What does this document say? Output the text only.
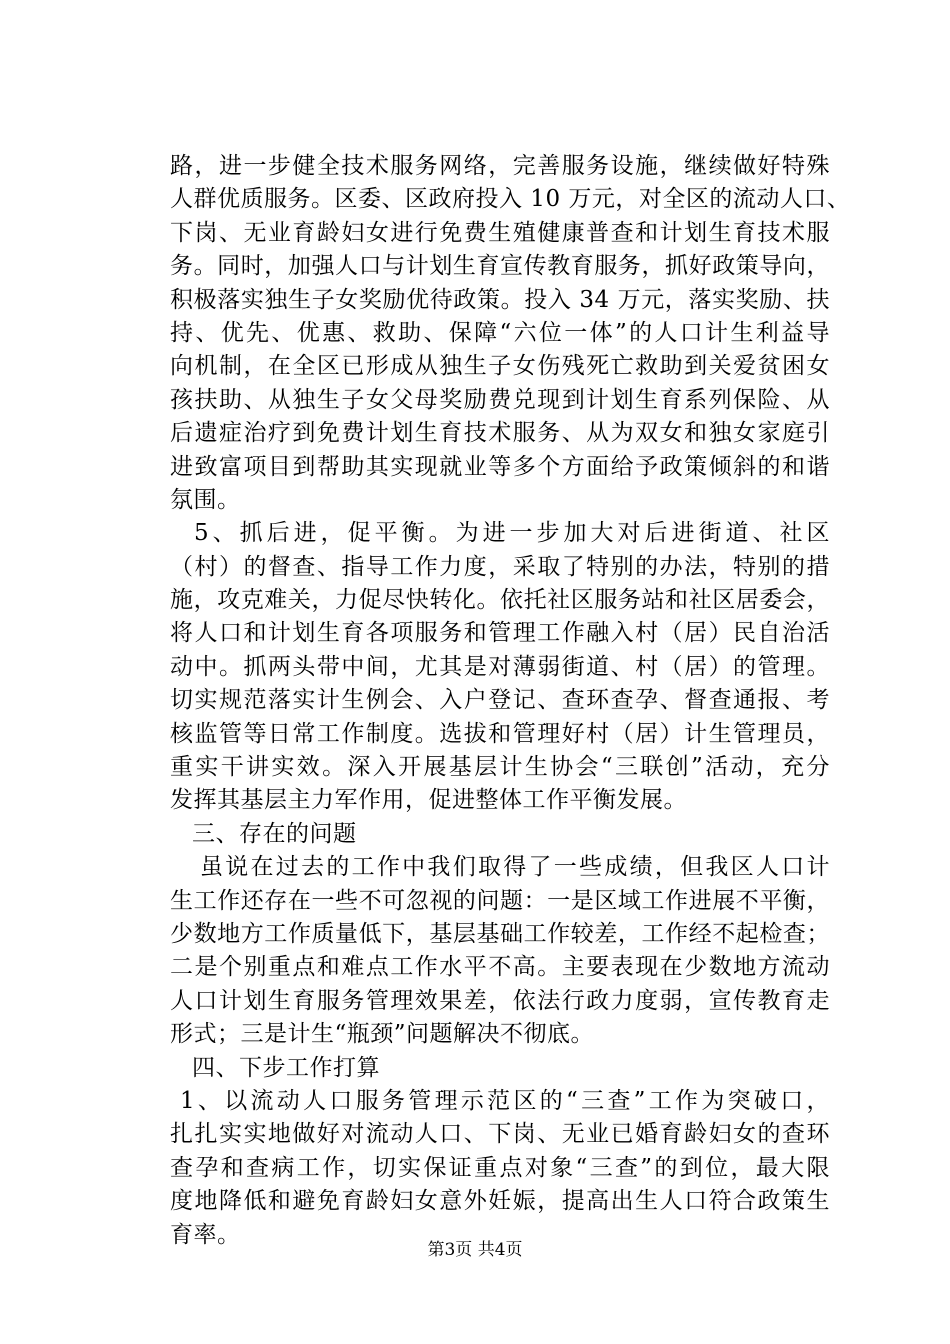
路，进一步健全技术服务网络，完善服务设施，继续做好特殊
人群优质服务。区委、区政府投入 10 万元，对全区的流动人口、
下岗、无业育龄妇女进行免费生殖健康普查和计划生育技术服
务。同时，加强人口与计划生育宣传教育服务，抓好政策导向，
积极落实独生子女奖励优待政策。投入 34 万元，落实奖励、扶
持、优先、优惠、救助、保障“六位一体”的人口计生利益导
向机制，在全区已形成从独生子女伤残死亡救助到关爱贫困女
孩扶助、从独生子女父母奖励费兑现到计划生育系列保险、从
后遗症治疗到免费计划生育技术服务、从为双女和独女家庭引
进致富项目到帮助其实现就业等多个方面给予政策倾斜的和谐
氛围。
5、抓后进，促平衡。为进一步加大对后进街道、社区
（村）的督查、指导工作力度，采取了特别的办法，特别的措
施，攻克难关，力促尽快转化。依托社区服务站和社区居委会，
将人口和计划生育各项服务和管理工作融入村（居）民自治活
动中。抓两头带中间，尤其是对薄弱街道、村（居）的管理。
切实规范落实计生例会、入户登记、查环查孕、督查通报、考
核监管等日常工作制度。选拔和管理好村（居）计生管理员，
重实干讲实效。深入开展基层计生协会“三联创”活动，充分
发挥其基层主力军作用，促进整体工作平衡发展。
三、存在的问题
虽说在过去的工作中我们取得了一些成绩，但我区人口计
生工作还存在一些不可忽视的问题：一是区域工作进展不平衡，
少数地方工作质量低下，基层基础工作较差，工作经不起检查；
二是个别重点和难点工作水平不高。主要表现在少数地方流动
人口计划生育服务管理效果差，依法行政力度弱，宣传教育走
形式；三是计生“瓶颈”问题解决不彻底。
四、下步工作打算
1、以流动人口服务管理示范区的“三查”工作为突破口，
扎扎实实地做好对流动人口、下岗、无业已婚育龄妇女的查环
查孕和查病工作，切实保证重点对象“三查”的到位，最大限
度地降低和避免育龄妇女意外妊娠，提高出生人口符合政策生
育率。
第3页 共4页
